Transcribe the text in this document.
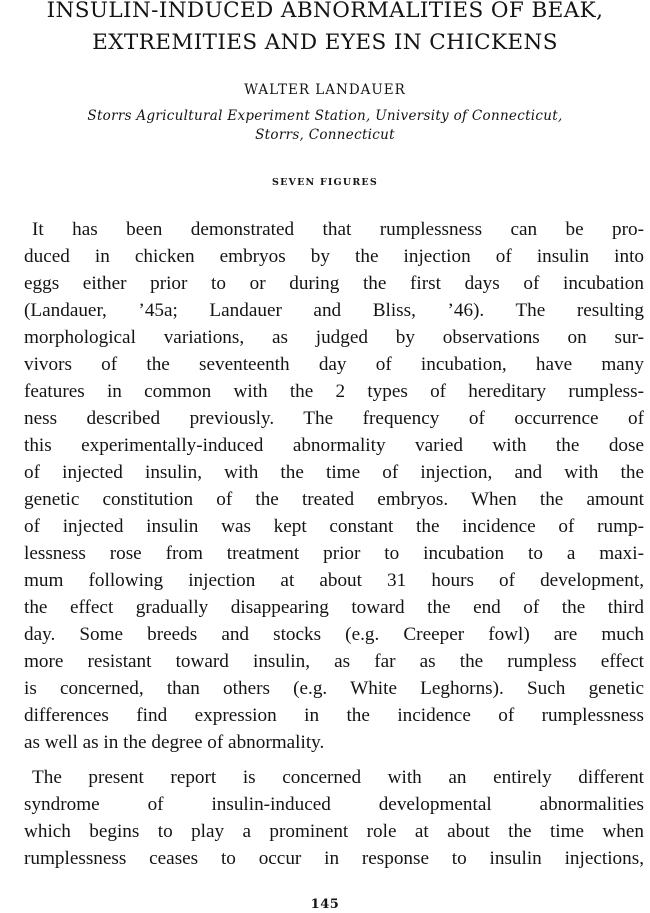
INSULIN-INDUCED ABNORMALITIES OF BEAK,
EXTREMITIES AND EYES IN CHICKENS
WALTER LANDAUER
Storrs Agricultural Experiment Station, University of Connecticut,
Storrs, Connecticut
SEVEN FIGURES
It has been demonstrated that rumplessness can be pro-
duced in chicken embryos by the injection of insulin into
eggs either prior to or during the first days of incubation
(Landauer, ’45a; Landauer and Bliss, ’46). The resulting
morphological variations, as judged by observations on sur-
vivors of the seventeenth day of incubation, have many
features in common with the 2 types of hereditary rumpless-
ness described previously. The frequency of occurrence of
this experimentally-induced abnormality varied with the dose
of injected insulin, with the time of injection, and with the
genetic constitution of the treated embryos. When the amount
of injected insulin was kept constant the incidence of rump-
lessness rose from treatment prior to incubation to a maxi-
mum following injection at about 31 hours of development,
the effect gradually disappearing toward the end of the third
day. Some breeds and stocks (e.g. Creeper fowl) are much
more resistant toward insulin, as far as the rumpless effect
is concerned, than others (e.g. White Leghorns). Such genetic
differences find expression in the incidence of rumplessness
as well as in the degree of abnormality.
The present report is concerned with an entirely different
syndrome of insulin-induced developmental abnormalities
which begins to play a prominent role at about the time when
rumplessness ceases to occur in response to insulin injections,
145
